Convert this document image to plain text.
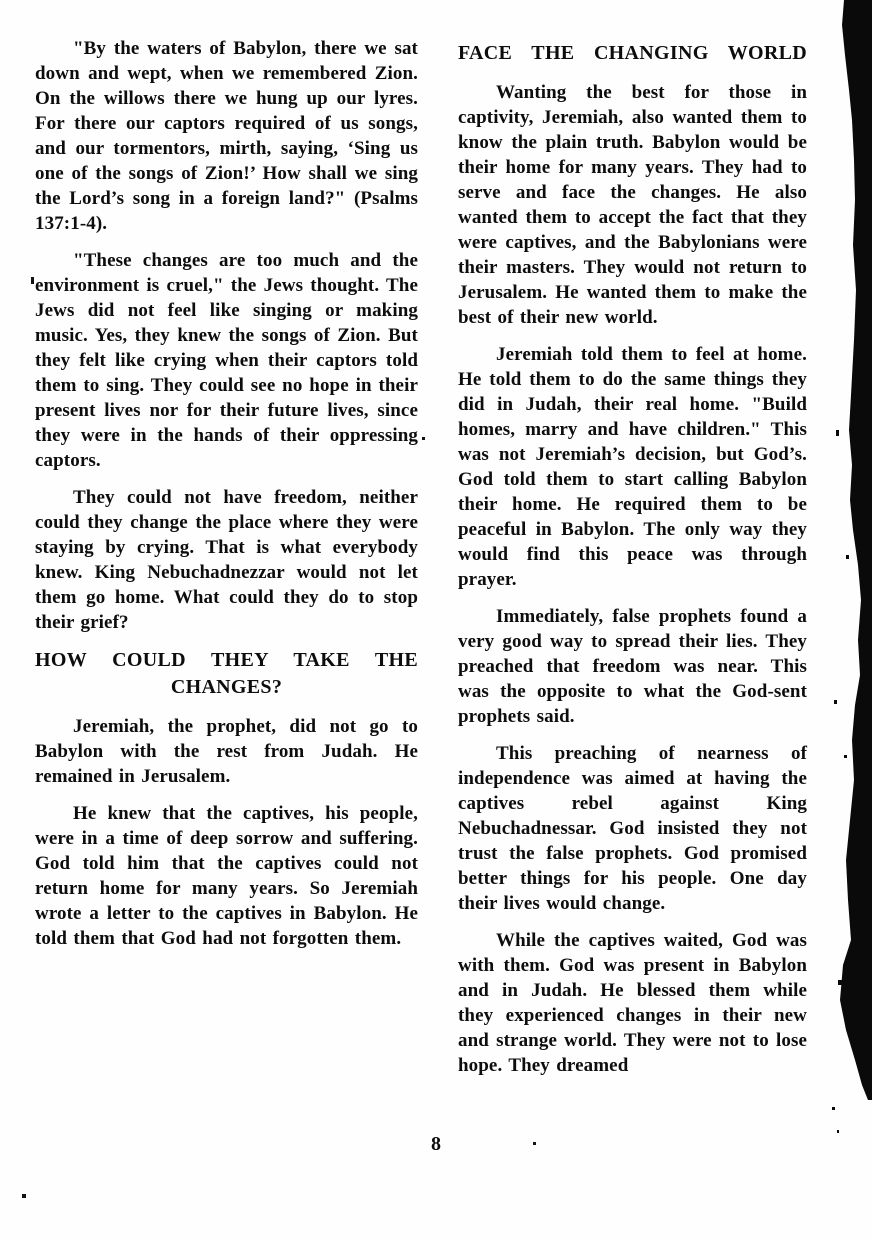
"By the waters of Babylon, there we sat down and wept, when we remembered Zion. On the willows there we hung up our lyres. For there our captors required of us songs, and our tormentors, mirth, saying, ‘Sing us one of the songs of Zion!’ How shall we sing the Lord’s song in a foreign land?" (Psalms 137:1-4).

"These changes are too much and the environment is cruel," the Jews thought. The Jews did not feel like singing or making music. Yes, they knew the songs of Zion. But they felt like crying when their captors told them to sing. They could see no hope in their present lives nor for their future lives, since they were in the hands of their oppressing captors.

They could not have freedom, neither could they change the place where they were staying by crying. That is what everybody knew. King Nebuchadnezzar would not let them go home. What could they do to stop their grief?

HOW COULD THEY TAKE THE
CHANGES?

Jeremiah, the prophet, did not go to Babylon with the rest from Judah. He remained in Jerusalem.

He knew that the captives, his people, were in a time of deep sorrow and suffering. God told him that the captives could not return home for many years. So Jeremiah wrote a letter to the captives in Babylon. He told them that God had not forgotten them.

FACE THE CHANGING WORLD

Wanting the best for those in captivity, Jeremiah, also wanted them to know the plain truth. Babylon would be their home for many years. They had to serve and face the changes. He also wanted them to accept the fact that they were captives, and the Babylonians were their masters. They would not return to Jerusalem. He wanted them to make the best of their new world.

Jeremiah told them to feel at home. He told them to do the same things they did in Judah, their real home. "Build homes, marry and have children." This was not Jeremiah’s decision, but God’s. God told them to start calling Babylon their home. He required them to be peaceful in Babylon. The only way they would find this peace was through prayer.

Immediately, false prophets found a very good way to spread their lies. They preached that freedom was near. This was the opposite to what the God-sent prophets said.

This preaching of nearness of independence was aimed at having the captives rebel against King Nebuchadnessar. God insisted they not trust the false prophets. God promised better things for his people. One day their lives would change.

While the captives waited, God was with them. God was present in Babylon and in Judah. He blessed them while they experienced changes in their new and strange world. They were not to lose hope. They dreamed

8
